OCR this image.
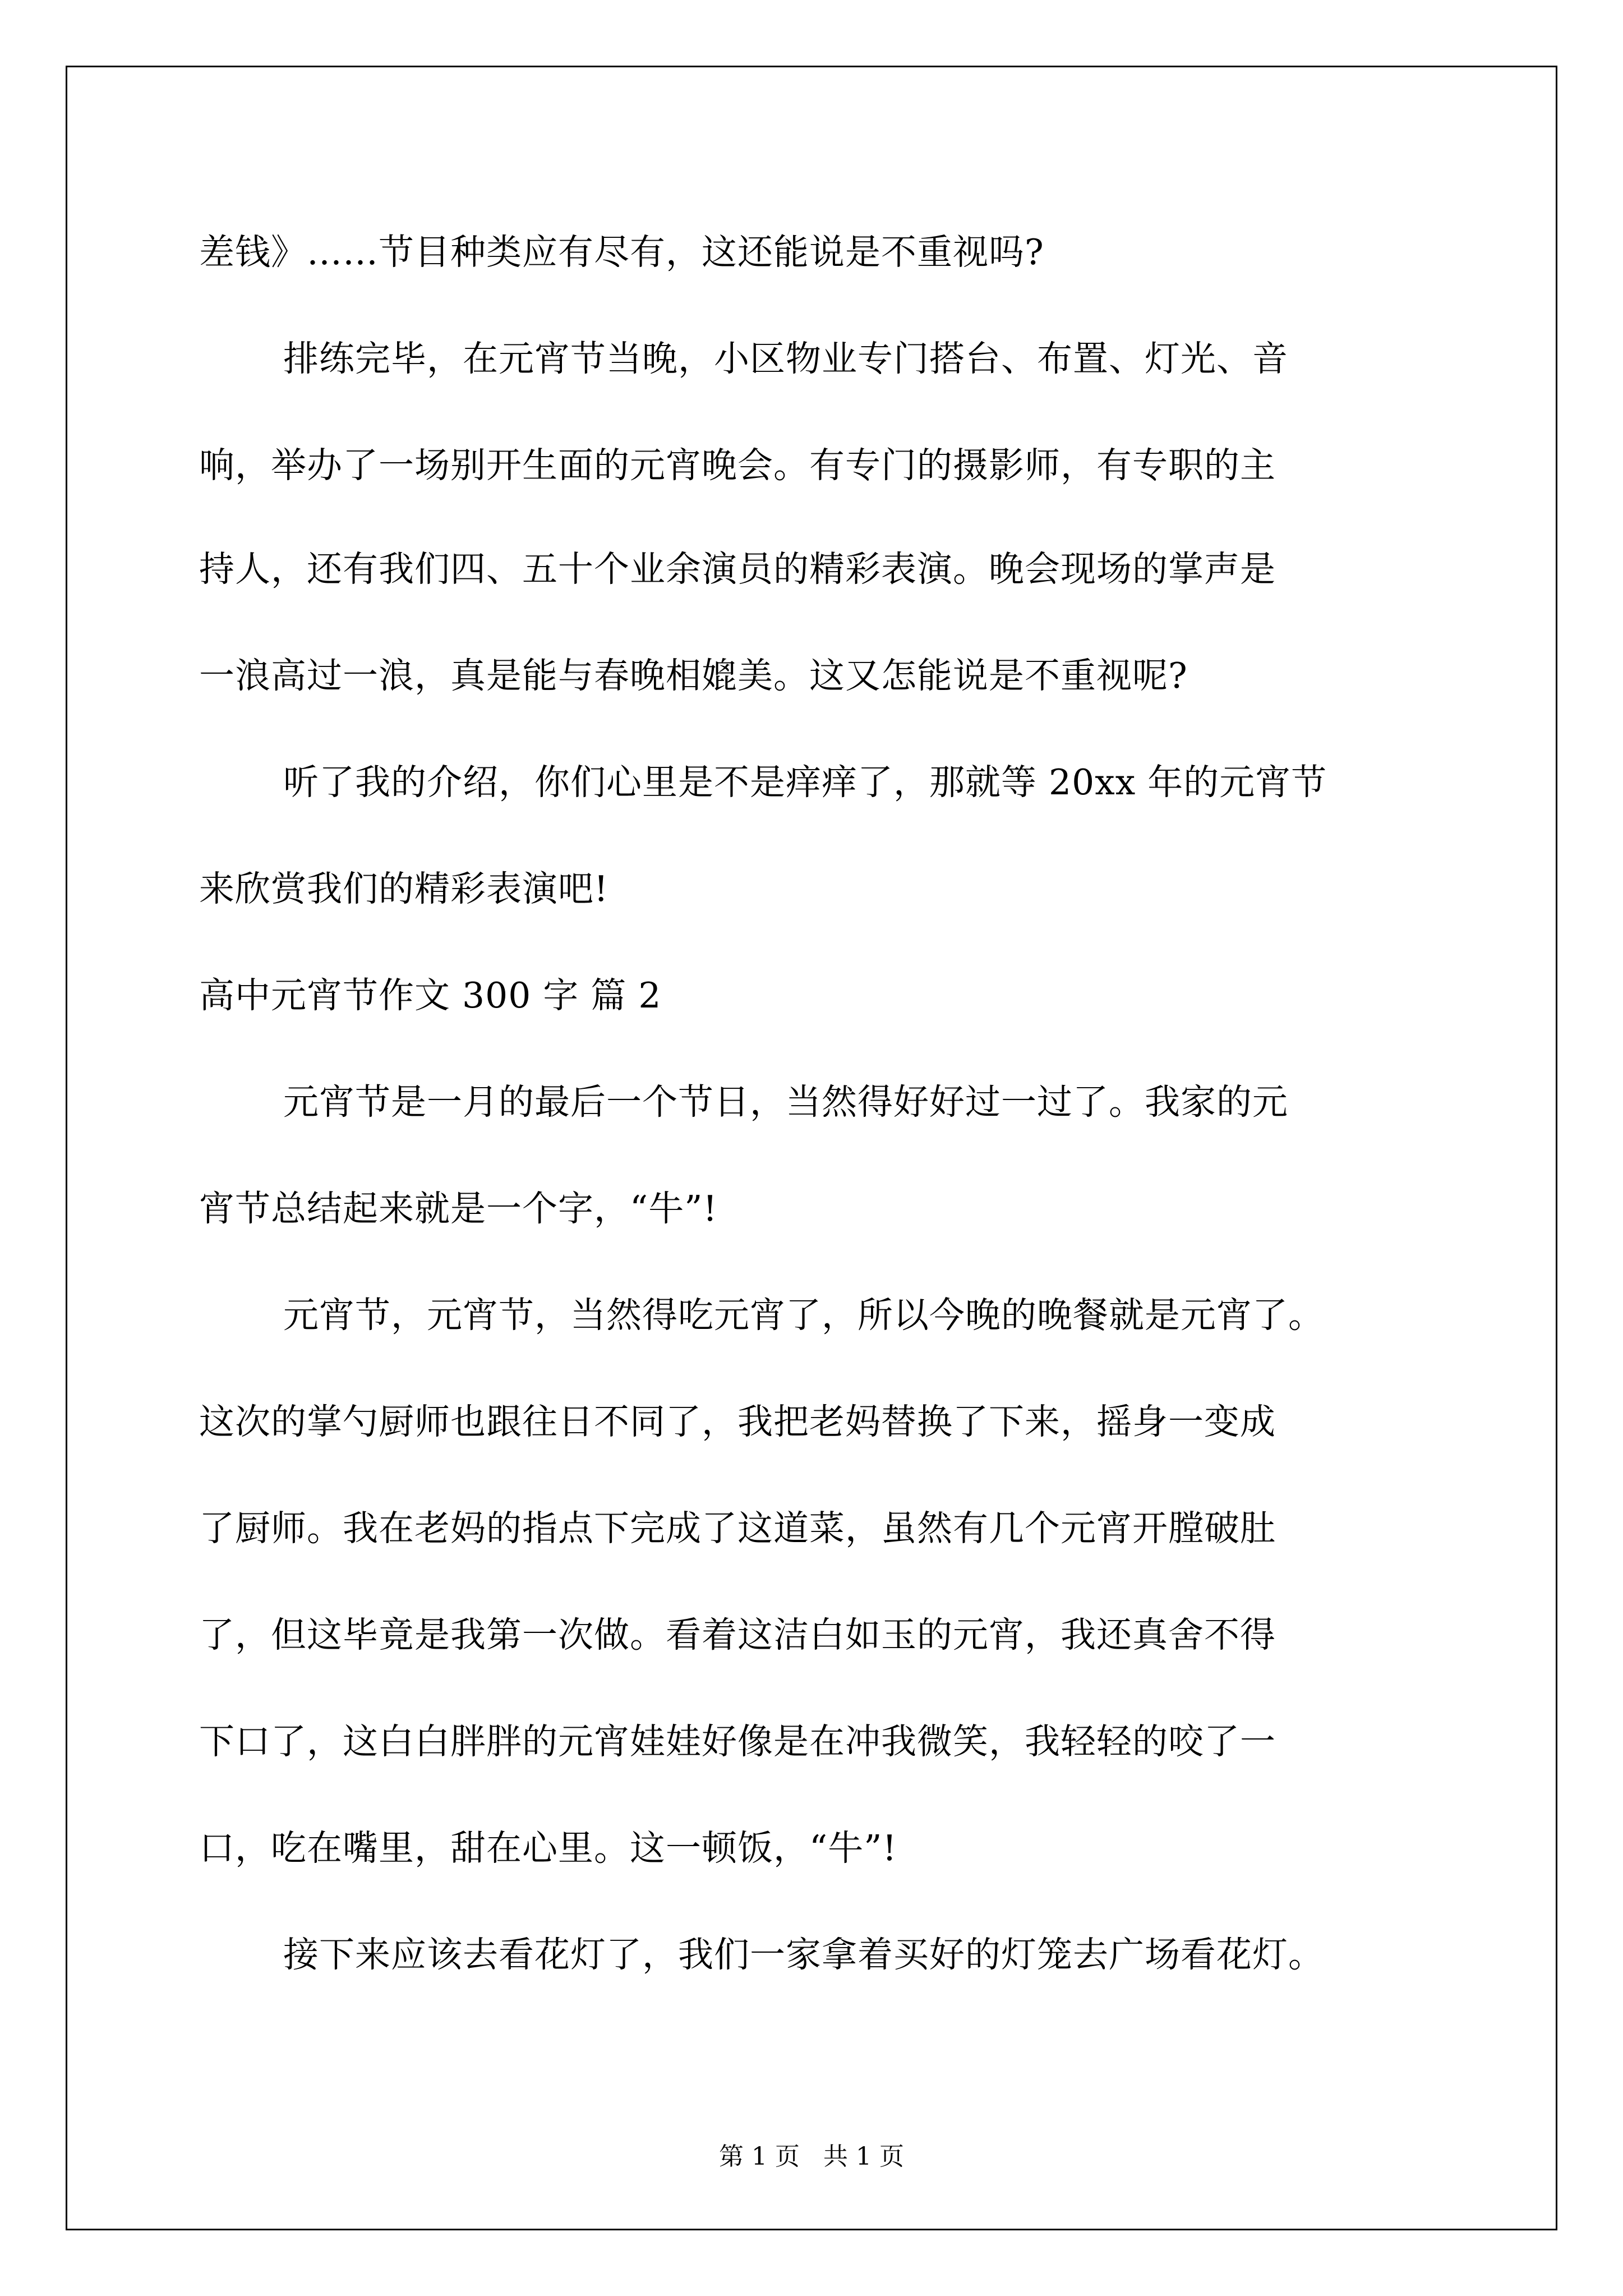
差钱》……节目种类应有尽有，这还能说是不重视吗?
排练完毕，在元宵节当晚，小区物业专门搭台、布置、灯光、音
响，举办了一场别开生面的元宵晚会。有专门的摄影师，有专职的主
持人，还有我们四、五十个业余演员的精彩表演。晚会现场的掌声是
一浪高过一浪，真是能与春晚相媲美。这又怎能说是不重视呢?
听了我的介绍，你们心里是不是痒痒了，那就等 20xx 年的元宵节
来欣赏我们的精彩表演吧!
高中元宵节作文 300 字 篇 2
元宵节是一月的最后一个节日，当然得好好过一过了。我家的元
宵节总结起来就是一个字，“牛”!
元宵节，元宵节，当然得吃元宵了，所以今晚的晚餐就是元宵了。
这次的掌勺厨师也跟往日不同了，我把老妈替换了下来，摇身一变成
了厨师。我在老妈的指点下完成了这道菜，虽然有几个元宵开膛破肚
了，但这毕竟是我第一次做。看着这洁白如玉的元宵，我还真舍不得
下口了，这白白胖胖的元宵娃娃好像是在冲我微笑，我轻轻的咬了一
口，吃在嘴里，甜在心里。这一顿饭，“牛”!
接下来应该去看花灯了，我们一家拿着买好的灯笼去广场看花灯。
第 1 页   共 1 页
